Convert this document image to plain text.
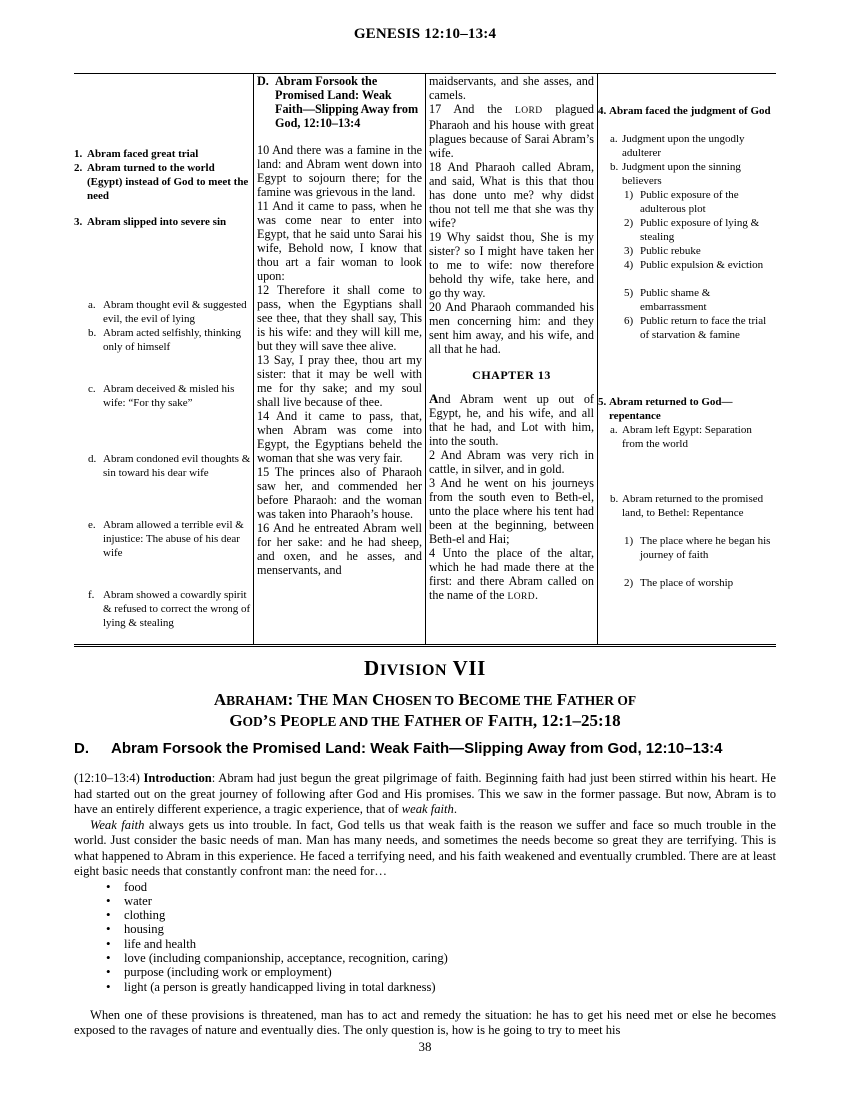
GENESIS 12:10–13:4
1. Abram faced great trial
2. Abram turned to the world (Egypt) instead of God to meet the need
3. Abram slipped into severe sin
a. Abram thought evil & suggested evil, the evil of lying
b. Abram acted selfishly, thinking only of himself
c. Abram deceived & misled his wife: “For thy sake”
d. Abram condoned evil thoughts & sin toward his dear wife
e. Abram allowed a terrible evil & injustice: The abuse of his dear wife
f. Abram showed a cowardly spirit & refused to correct the wrong of lying & stealing
D. Abram Forsook the Promised Land: Weak Faith—Slipping Away from God, 12:10–13:4

10 And there was a famine in the land: and Abram went down into Egypt to sojourn there; for the famine was grievous in the land.

11 And it came to pass, when he was come near to enter into Egypt, that he said unto Sarai his wife, Behold now, I know that thou art a fair woman to look upon:

12 Therefore it shall come to pass, when the Egyptians shall see thee, that they shall say, This is his wife: and they will kill me, but they will save thee alive.

13 Say, I pray thee, thou art my sister: that it may be well with me for thy sake; and my soul shall live because of thee.

14 And it came to pass, that, when Abram was come into Egypt, the Egyptians beheld the woman that she was very fair.

15 The princes also of Pharaoh saw her, and commended her before Pharaoh: and the woman was taken into Pharaoh’s house.

16 And he entreated Abram well for her sake: and he had sheep, and oxen, and he asses, and menservants, and

maidservants, and she asses, and camels.

17 And the LORD plagued Pharaoh and his house with great plagues because of Sarai Abram’s wife.

18 And Pharaoh called Abram, and said, What is this that thou has done unto me? why didst thou not tell me that she was thy wife?

19 Why saidst thou, She is my sister? so I might have taken her to me to wife: now therefore behold thy wife, take here, and go thy way.

20 And Pharaoh commanded his men concerning him: and they sent him away, and his wife, and all that he had.

CHAPTER 13

And Abram went up out of Egypt, he, and his wife, and all that he had, and Lot with him, into the south.

2 And Abram was very rich in cattle, in silver, and in gold.

3 And he went on his journeys from the south even to Beth-el, unto the place where his tent had been at the beginning, between Beth-el and Hai;

4 Unto the place of the altar, which he had made there at the first: and there Abram called on the name of the LORD.

4. Abram faced the judgment of God
a. Judgment upon the ungodly adulterer
b. Judgment upon the sinning believers
1) Public exposure of the adulterous plot
2) Public exposure of lying & stealing
3) Public rebuke
4) Public expulsion & eviction
5) Public shame & embarrassment
6) Public return to face the trial of starvation & famine
5. Abram returned to God—repentance
a. Abram left Egypt: Separation from the world
b. Abram returned to the promised land, to Bethel: Repentance
1) The place where he began his journey of faith
2) The place of worship
DIVISION VII
ABRAHAM: THE MAN CHOSEN TO BECOME THE FATHER OF
GOD’S PEOPLE AND THE FATHER OF FAITH, 12:1–25:18
D. Abram Forsook the Promised Land: Weak Faith—Slipping Away from God, 12:10–13:4

(12:10–13:4) Introduction: Abram had just begun the great pilgrimage of faith. Beginning faith had just been stirred within his heart. He had started out on the great journey of following after God and His promises. This we saw in the former passage. But now, Abram is to have an entirely different experience, a tragic experience, that of weak faith.

Weak faith always gets us into trouble. In fact, God tells us that weak faith is the reason we suffer and face so much trouble in the world. Just consider the basic needs of man. Man has many needs, and sometimes the needs become so great they are terrifying. This is what happened to Abram in this experience. He faced a terrifying need, and his faith weakened and eventually crumbled. There are at least eight basic needs that constantly confront man: the need for…

• food
• water
• clothing
• housing
• life and health
• love (including companionship, acceptance, recognition, caring)
• purpose (including work or employment)
• light (a person is greatly handicapped living in total darkness)

When one of these provisions is threatened, man has to act and remedy the situation: he has to get his need met or else he becomes exposed to the ravages of nature and eventually dies. The only question is, how is he going to try to meet his

38
